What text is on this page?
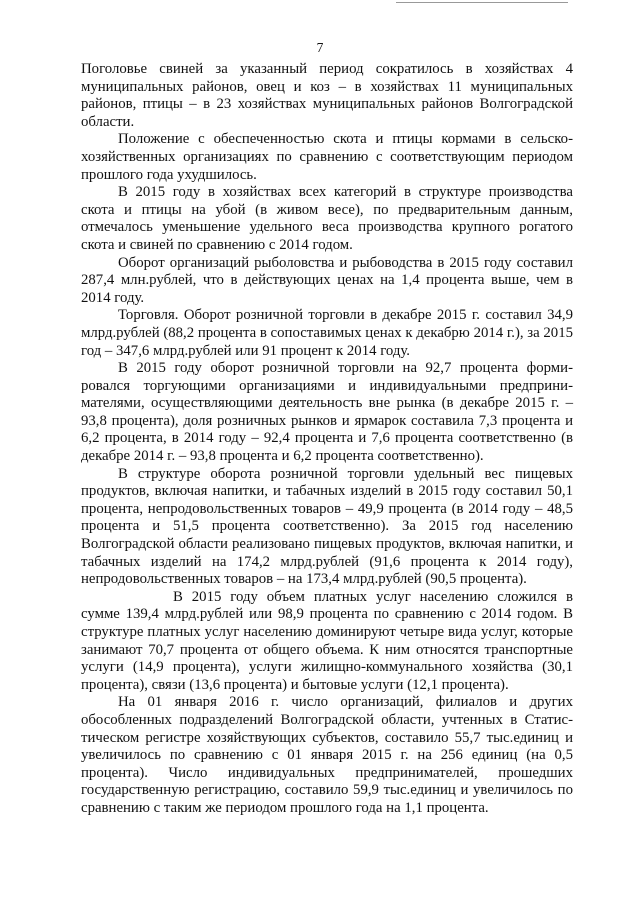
7

Поголовье свиней за указанный период сократилось в хозяйствах 4 муниципальных районов, овец и коз – в хозяйствах 11 муниципальных районов, птицы – в 23 хозяйствах муниципальных районов Волгоградской области.

Положение с обеспеченностью скота и птицы кормами в сельскохозяйственных организациях по сравнению с соответствующим периодом прошлого года ухудшилось.

В 2015 году в хозяйствах всех категорий в структуре производства скота и птицы на убой (в живом весе), по предварительным данным, отмечалось уменьшение удельного веса производства крупного рогатого скота и свиней по сравнению с 2014 годом.

Оборот организаций рыболовства и рыбоводства в 2015 году составил 287,4 млн.рублей, что в действующих ценах на 1,4 процента выше, чем в 2014 году.

Торговля. Оборот розничной торговли в декабре 2015 г. составил 34,9 млрд.рублей (88,2 процента в сопоставимых ценах к декабрю 2014 г.), за 2015 год – 347,6 млрд.рублей или 91 процент к 2014 году.

В 2015 году оборот розничной торговли на 92,7 процента формировался торгующими организациями и индивидуальными предпринимателями, осуществляющими деятельность вне рынка (в декабре 2015 г. – 93,8 процента), доля розничных рынков и ярмарок составила 7,3 процента и 6,2 процента, в 2014 году – 92,4 процента и 7,6 процента соответственно (в декабре 2014 г. – 93,8 процента и 6,2 процента соответственно).

В структуре оборота розничной торговли удельный вес пищевых продуктов, включая напитки, и табачных изделий в 2015 году составил 50,1 процента, непродовольственных товаров – 49,9 процента (в 2014 году – 48,5 процента и 51,5 процента соответственно). За 2015 год населению Волгоградской области реализовано пищевых продуктов, включая напитки, и табачных изделий на 174,2 млрд.рублей (91,6 процента к 2014 году), непродовольственных товаров – на 173,4 млрд.рублей (90,5 процента).

В 2015 году объем платных услуг населению сложился в сумме 139,4 млрд.рублей или 98,9 процента по сравнению с 2014 годом. В структуре платных услуг населению доминируют четыре вида услуг, которые занимают 70,7 процента от общего объема. К ним относятся транспортные услуги (14,9 процента), услуги жилищно-коммунального хозяйства (30,1 процента), связи (13,6 процента) и бытовые услуги (12,1 процента).

На 01 января 2016 г. число организаций, филиалов и других обособленных подразделений Волгоградской области, учтенных в Статистическом регистре хозяйствующих субъектов, составило 55,7 тыс.единиц и увеличилось по сравнению с 01 января 2015 г. на 256 единиц (на 0,5 процента). Число индивидуальных предпринимателей, прошедших государственную регистрацию, составило 59,9 тыс.единиц и увеличилось по сравнению с таким же периодом прошлого года на 1,1 процента.
